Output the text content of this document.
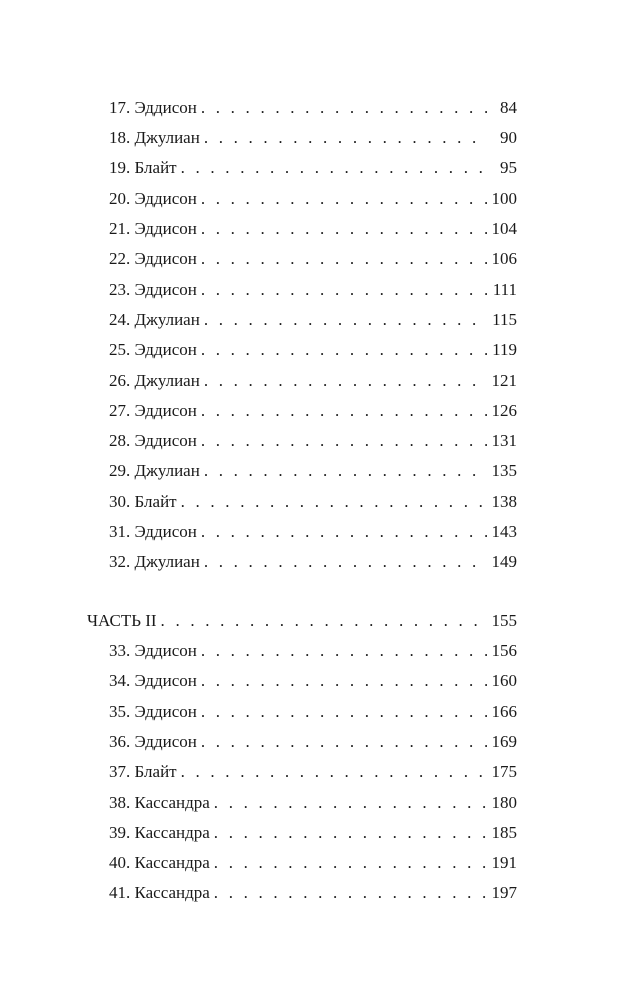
17. Эддисон . . .	84
18. Джулиан . . .	90
19. Блайт . . .	95
20. Эддисон . . .	100
21. Эддисон . . .	104
22. Эддисон . . .	106
23. Эддисон . . .	111
24. Джулиан . . .	115
25. Эддисон . . .	119
26. Джулиан . . .	121
27. Эддисон . . .	126
28. Эддисон . . .	131
29. Джулиан . . .	135
30. Блайт . . .	138
31. Эддисон . . .	143
32. Джулиан . . .	149
ЧАСТЬ II . . .	155
33. Эддисон . . .	156
34. Эддисон . . .	160
35. Эддисон . . .	166
36. Эддисон . . .	169
37. Блайт . . .	175
38. Кассандра . . .	180
39. Кассандра . . .	185
40. Кассандра . . .	191
41. Кассандра . . .	197
